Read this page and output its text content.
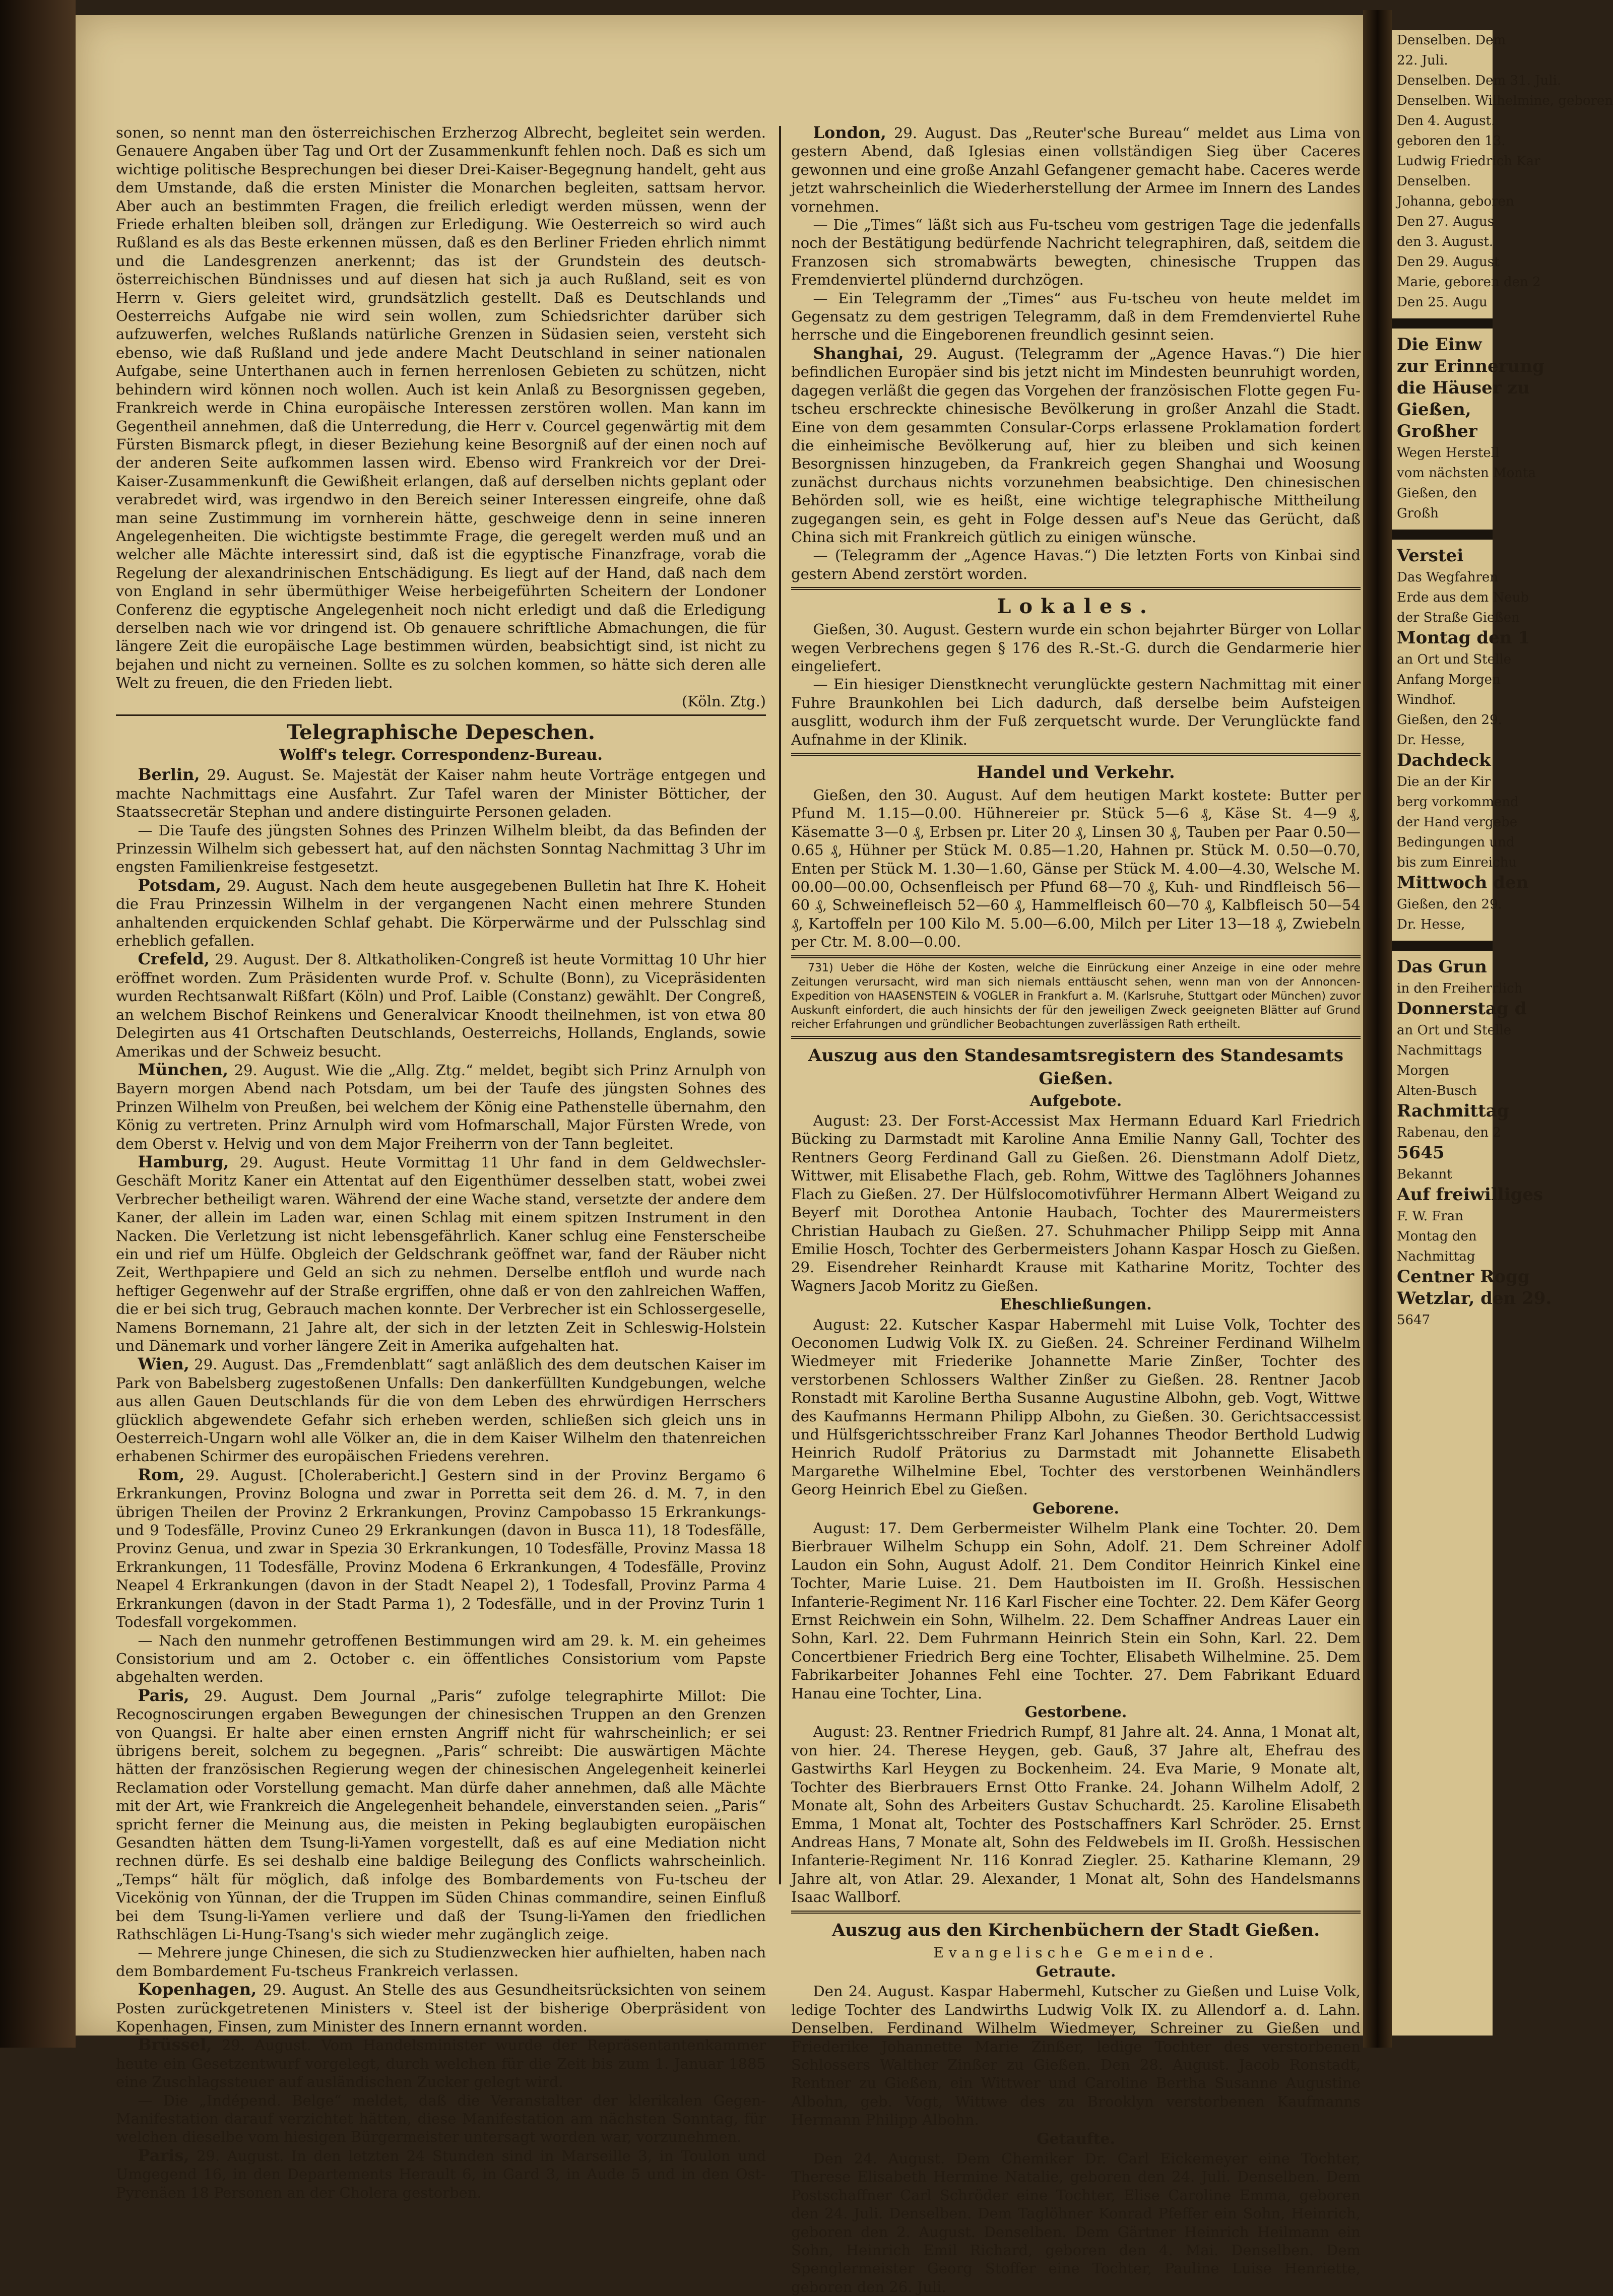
sonen, so nennt man den österreichischen Erzherzog Albrecht, begleitet sein werden. Genauere Angaben über Tag und Ort der Zusammenkunft fehlen noch. Daß es sich um wichtige politische Besprechungen bei dieser Drei-Kaiser-Begegnung handelt, geht aus dem Umstande, daß die ersten Minister die Monarchen begleiten, sattsam hervor. Aber auch an bestimmten Fragen, die freilich erledigt werden müssen, wenn der Friede erhalten bleiben soll, drängen zur Erledigung. Wie Oesterreich so wird auch Rußland es als das Beste erkennen müssen, daß es den Berliner Frieden ehrlich nimmt und die Landesgrenzen anerkennt; das ist der Grundstein des deutsch-österreichischen Bündnisses und auf diesen hat sich ja auch Rußland, seit es von Herrn v. Giers geleitet wird, grundsätzlich gestellt. Daß es Deutschlands und Oesterreichs Aufgabe nie wird sein wollen, zum Schiedsrichter darüber sich aufzuwerfen, welches Rußlands natürliche Grenzen in Südasien seien, versteht sich ebenso, wie daß Rußland und jede andere Macht Deutschland in seiner nationalen Aufgabe, seine Unterthanen auch in fernen herrenlosen Gebieten zu schützen, nicht behindern wird können noch wollen. Auch ist kein Anlaß zu Besorgnissen gegeben, Frankreich werde in China europäische Interessen zerstören wollen. Man kann im Gegentheil annehmen, daß die Unterredung, die Herr v. Courcel gegenwärtig mit dem Fürsten Bismarck pflegt, in dieser Beziehung keine Besorgniß auf der einen noch auf der anderen Seite aufkommen lassen wird. Ebenso wird Frankreich vor der Drei-Kaiser-Zusammenkunft die Gewißheit erlangen, daß auf derselben nichts geplant oder verabredet wird, was irgendwo in den Bereich seiner Interessen eingreife, ohne daß man seine Zustimmung im vornherein hätte, geschweige denn in seine inneren Angelegenheiten. Die wichtigste bestimmte Frage, die geregelt werden muß und an welcher alle Mächte interessirt sind, daß ist die egyptische Finanzfrage, vorab die Regelung der alexandrinischen Entschädigung. Es liegt auf der Hand, daß nach dem von England in sehr übermüthiger Weise herbeigeführten Scheitern der Londoner Conferenz die egyptische Angelegenheit noch nicht erledigt und daß die Erledigung derselben nach wie vor dringend ist. Ob genauere schriftliche Abmachungen, die für längere Zeit die europäische Lage bestimmen würden, beabsichtigt sind, ist nicht zu bejahen und nicht zu verneinen. Sollte es zu solchen kommen, so hätte sich deren alle Welt zu freuen, die den Frieden liebt.

(Köln. Ztg.)

Telegraphische Depeschen.
Wolff's telegr. Correspondenz-Bureau.

Berlin, 29. August. Se. Majestät der Kaiser nahm heute Vorträge entgegen und machte Nachmittags eine Ausfahrt. Zur Tafel waren der Minister Bötticher, der Staatssecretär Stephan und andere distinguirte Personen geladen.

— Die Taufe des jüngsten Sohnes des Prinzen Wilhelm bleibt, da das Befinden der Prinzessin Wilhelm sich gebessert hat, auf den nächsten Sonntag Nachmittag 3 Uhr im engsten Familienkreise festgesetzt.

Potsdam, 29. August. Nach dem heute ausgegebenen Bulletin hat Ihre K. Hoheit die Frau Prinzessin Wilhelm in der vergangenen Nacht einen mehrere Stunden anhaltenden erquickenden Schlaf gehabt. Die Körperwärme und der Pulsschlag sind erheblich gefallen.

Crefeld, 29. August. Der 8. Altkatholiken-Congreß ist heute Vormittag 10 Uhr hier eröffnet worden. Zum Präsidenten wurde Prof. v. Schulte (Bonn), zu Vicepräsidenten wurden Rechtsanwalt Rißfart (Köln) und Prof. Laible (Constanz) gewählt. Der Congreß, an welchem Bischof Reinkens und Generalvicar Knoodt theilnehmen, ist von etwa 80 Delegirten aus 41 Ortschaften Deutschlands, Oesterreichs, Hollands, Englands, sowie Amerikas und der Schweiz besucht.

München, 29. August. Wie die „Allg. Ztg.“ meldet, begibt sich Prinz Arnulph von Bayern morgen Abend nach Potsdam, um bei der Taufe des jüngsten Sohnes des Prinzen Wilhelm von Preußen, bei welchem der König eine Pathenstelle übernahm, den König zu vertreten. Prinz Arnulph wird vom Hofmarschall, Major Fürsten Wrede, von dem Oberst v. Helvig und von dem Major Freiherrn von der Tann begleitet.

Hamburg, 29. August. Heute Vormittag 11 Uhr fand in dem Geldwechsler-Geschäft Moritz Kaner ein Attentat auf den Eigenthümer desselben statt, wobei zwei Verbrecher betheiligt waren. Während der eine Wache stand, versetzte der andere dem Kaner, der allein im Laden war, einen Schlag mit einem spitzen Instrument in den Nacken. Die Verletzung ist nicht lebensgefährlich. Kaner schlug eine Fensterscheibe ein und rief um Hülfe. Obgleich der Geldschrank geöffnet war, fand der Räuber nicht Zeit, Werthpapiere und Geld an sich zu nehmen. Derselbe entfloh und wurde nach heftiger Gegenwehr auf der Straße ergriffen, ohne daß er von den zahlreichen Waffen, die er bei sich trug, Gebrauch machen konnte. Der Verbrecher ist ein Schlossergeselle, Namens Bornemann, 21 Jahre alt, der sich in der letzten Zeit in Schleswig-Holstein und Dänemark und vorher längere Zeit in Amerika aufgehalten hat.

Wien, 29. August. Das „Fremdenblatt“ sagt anläßlich des dem deutschen Kaiser im Park von Babelsberg zugestoßenen Unfalls: Den dankerfüllten Kundgebungen, welche aus allen Gauen Deutschlands für die von dem Leben des ehrwürdigen Herrschers glücklich abgewendete Gefahr sich erheben werden, schließen sich gleich uns in Oesterreich-Ungarn wohl alle Völker an, die in dem Kaiser Wilhelm den thatenreichen erhabenen Schirmer des europäischen Friedens verehren.

Rom, 29. August. [Cholerabericht.] Gestern sind in der Provinz Bergamo 6 Erkrankungen, Provinz Bologna und zwar in Porretta seit dem 26. d. M. 7, in den übrigen Theilen der Provinz 2 Erkrankungen, Provinz Campobasso 15 Erkrankungs- und 9 Todesfälle, Provinz Cuneo 29 Erkrankungen (davon in Busca 11), 18 Todesfälle, Provinz Genua, und zwar in Spezia 30 Erkrankungen, 10 Todesfälle, Provinz Massa 18 Erkrankungen, 11 Todesfälle, Provinz Modena 6 Erkrankungen, 4 Todesfälle, Provinz Neapel 4 Erkrankungen (davon in der Stadt Neapel 2), 1 Todesfall, Provinz Parma 4 Erkrankungen (davon in der Stadt Parma 1), 2 Todesfälle, und in der Provinz Turin 1 Todesfall vorgekommen.

— Nach den nunmehr getroffenen Bestimmungen wird am 29. k. M. ein geheimes Consistorium und am 2. October c. ein öffentliches Consistorium vom Papste abgehalten werden.

Paris, 29. August. Dem Journal „Paris“ zufolge telegraphirte Millot: Die Recognoscirungen ergaben Bewegungen der chinesischen Truppen an den Grenzen von Quangsi. Er halte aber einen ernsten Angriff nicht für wahrscheinlich; er sei übrigens bereit, solchem zu begegnen. „Paris“ schreibt: Die auswärtigen Mächte hätten der französischen Regierung wegen der chinesischen Angelegenheit keinerlei Reclamation oder Vorstellung gemacht. Man dürfe daher annehmen, daß alle Mächte mit der Art, wie Frankreich die Angelegenheit behandele, einverstanden seien. „Paris“ spricht ferner die Meinung aus, die meisten in Peking beglaubigten europäischen Gesandten hätten dem Tsung-li-Yamen vorgestellt, daß es auf eine Mediation nicht rechnen dürfe. Es sei deshalb eine baldige Beilegung des Conflicts wahrscheinlich. „Temps“ hält für möglich, daß infolge des Bombardements von Fu-tscheu der Vicekönig von Yünnan, der die Truppen im Süden Chinas commandire, seinen Einfluß bei dem Tsung-li-Yamen verliere und daß der Tsung-li-Yamen den friedlichen Rathschlägen Li-Hung-Tsang's sich wieder mehr zugänglich zeige.

— Mehrere junge Chinesen, die sich zu Studienzwecken hier aufhielten, haben nach dem Bombardement Fu-tscheus Frankreich verlassen.

Kopenhagen, 29. August. An Stelle des aus Gesundheitsrücksichten von seinem Posten zurückgetretenen Ministers v. Steel ist der bisherige Oberpräsident von Kopenhagen, Finsen, zum Minister des Innern ernannt worden.

Brüssel, 29. August. Vom Handelsminister wurde der Repräsentantenkammer heute ein Gesetzentwurf vorgelegt, durch welchen für die Zeit bis zum 1. Januar 1885 eine Zuschlagssteuer auf ausländischen Zucker gelegt wird.

— Die „Indépend. Belge“ meldet, daß die Veranstalter der klerikalen Gegen-Manifestation darauf verzichtet hätten, diese Manifestation am nächsten Sonntag, für welchen dieselbe vom hiesigen Bürgermeister untersagt worden war, vorzunehmen.

Paris, 29. August. In den letzten 24 Stunden sind in Marseille 3, in Toulon und Umgegend 16, in den Departements Herault 6, in Gard 3, in Aude 5 und in den Ost-Pyrenäen 18 Personen an der Cholera gestorben.

London, 29. August. Das „Reuter'sche Bureau“ meldet aus Lima von gestern Abend, daß Iglesias einen vollständigen Sieg über Caceres gewonnen und eine große Anzahl Gefangener gemacht habe. Caceres werde jetzt wahrscheinlich die Wiederherstellung der Armee im Innern des Landes vornehmen.

— Die „Times“ läßt sich aus Fu-tscheu vom gestrigen Tage die jedenfalls noch der Bestätigung bedürfende Nachricht telegraphiren, daß, seitdem die Franzosen sich stromabwärts bewegten, chinesische Truppen das Fremdenviertel plündernd durchzögen.

— Ein Telegramm der „Times“ aus Fu-tscheu von heute meldet im Gegensatz zu dem gestrigen Telegramm, daß in dem Fremdenviertel Ruhe herrsche und die Eingeborenen freundlich gesinnt seien.

Shanghai, 29. August. (Telegramm der „Agence Havas.“) Die hier befindlichen Europäer sind bis jetzt nicht im Mindesten beunruhigt worden, dagegen verläßt die gegen das Vorgehen der französischen Flotte gegen Fu-tscheu erschreckte chinesische Bevölkerung in großer Anzahl die Stadt. Eine von dem gesammten Consular-Corps erlassene Proklamation fordert die einheimische Bevölkerung auf, hier zu bleiben und sich keinen Besorgnissen hinzugeben, da Frankreich gegen Shanghai und Woosung zunächst durchaus nichts vorzunehmen beabsichtige. Den chinesischen Behörden soll, wie es heißt, eine wichtige telegraphische Mittheilung zugegangen sein, es geht in Folge dessen auf's Neue das Gerücht, daß China sich mit Frankreich gütlich zu einigen wünsche.

— (Telegramm der „Agence Havas.“) Die letzten Forts von Kinbai sind gestern Abend zerstört worden.

Lokales.

Gießen, 30. August. Gestern wurde ein schon bejahrter Bürger von Lollar wegen Verbrechens gegen § 176 des R.-St.-G. durch die Gendarmerie hier eingeliefert.

— Ein hiesiger Dienstknecht verunglückte gestern Nachmittag mit einer Fuhre Braunkohlen bei Lich dadurch, daß derselbe beim Aufsteigen ausglitt, wodurch ihm der Fuß zerquetscht wurde. Der Verunglückte fand Aufnahme in der Klinik.

Handel und Verkehr.

Gießen, den 30. August. Auf dem heutigen Markt kostete: Butter per Pfund M. 1.15—0.00. Hühnereier pr. Stück 5—6 ₰, Käse St. 4—9 ₰, Käsematte 3—0 ₰, Erbsen pr. Liter 20 ₰, Linsen 30 ₰, Tauben per Paar 0.50—0.65 ₰, Hühner per Stück M. 0.85—1.20, Hahnen pr. Stück M. 0.50—0.70, Enten per Stück M. 1.30—1.60, Gänse per Stück M. 4.00—4.30, Welsche M. 00.00—00.00, Ochsenfleisch per Pfund 68—70 ₰, Kuh- und Rindfleisch 56—60 ₰, Schweinefleisch 52—60 ₰, Hammelfleisch 60—70 ₰, Kalbfleisch 50—54 ₰, Kartoffeln per 100 Kilo M. 5.00—6.00, Milch per Liter 13—18 ₰, Zwiebeln per Ctr. M. 8.00—0.00.

731) Ueber die Höhe der Kosten, welche die Einrückung einer Anzeige in eine oder mehre Zeitungen verursacht, wird man sich niemals enttäuscht sehen, wenn man von der Annoncen-Expedition von HAASENSTEIN & VOGLER in Frankfurt a. M. (Karlsruhe, Stuttgart oder München) zuvor Auskunft einfordert, die auch hinsichts der für den jeweiligen Zweck geeigneten Blätter auf Grund reicher Erfahrungen und gründlicher Beobachtungen zuverlässigen Rath ertheilt.

Auszug aus den Standesamtsregistern des Standesamts Gießen.
Aufgebote.

August: 23. Der Forst-Accessist Max Hermann Eduard Karl Friedrich Bücking zu Darmstadt mit Karoline Anna Emilie Nanny Gall, Tochter des Rentners Georg Ferdinand Gall zu Gießen. 26. Dienstmann Adolf Dietz, Wittwer, mit Elisabethe Flach, geb. Rohm, Wittwe des Taglöhners Johannes Flach zu Gießen. 27. Der Hülfslocomotivführer Hermann Albert Weigand zu Beyerf mit Dorothea Antonie Haubach, Tochter des Maurermeisters Christian Haubach zu Gießen. 27. Schuhmacher Philipp Seipp mit Anna Emilie Hosch, Tochter des Gerbermeisters Johann Kaspar Hosch zu Gießen. 29. Eisendreher Reinhardt Krause mit Katharine Moritz, Tochter des Wagners Jacob Moritz zu Gießen.

Eheschließungen.

August: 22. Kutscher Kaspar Habermehl mit Luise Volk, Tochter des Oeconomen Ludwig Volk IX. zu Gießen. 24. Schreiner Ferdinand Wilhelm Wiedmeyer mit Friederike Johannette Marie Zinßer, Tochter des verstorbenen Schlossers Walther Zinßer zu Gießen. 28. Rentner Jacob Ronstadt mit Karoline Bertha Susanne Augustine Albohn, geb. Vogt, Wittwe des Kaufmanns Hermann Philipp Albohn, zu Gießen. 30. Gerichtsaccessist und Hülfsgerichtsschreiber Franz Karl Johannes Theodor Berthold Ludwig Heinrich Rudolf Prätorius zu Darmstadt mit Johannette Elisabeth Margarethe Wilhelmine Ebel, Tochter des verstorbenen Weinhändlers Georg Heinrich Ebel zu Gießen.

Geborene.

August: 17. Dem Gerbermeister Wilhelm Plank eine Tochter. 20. Dem Bierbrauer Wilhelm Schupp ein Sohn, Adolf. 21. Dem Schreiner Adolf Laudon ein Sohn, August Adolf. 21. Dem Conditor Heinrich Kinkel eine Tochter, Marie Luise. 21. Dem Hautboisten im II. Großh. Hessischen Infanterie-Regiment Nr. 116 Karl Fischer eine Tochter. 22. Dem Käfer Georg Ernst Reichwein ein Sohn, Wilhelm. 22. Dem Schaffner Andreas Lauer ein Sohn, Karl. 22. Dem Fuhrmann Heinrich Stein ein Sohn, Karl. 22. Dem Concertbiener Friedrich Berg eine Tochter, Elisabeth Wilhelmine. 25. Dem Fabrikarbeiter Johannes Fehl eine Tochter. 27. Dem Fabrikant Eduard Hanau eine Tochter, Lina.

Gestorbene.

August: 23. Rentner Friedrich Rumpf, 81 Jahre alt. 24. Anna, 1 Monat alt, von hier. 24. Therese Heygen, geb. Gauß, 37 Jahre alt, Ehefrau des Gastwirths Karl Heygen zu Bockenheim. 24. Eva Marie, 9 Monate alt, Tochter des Bierbrauers Ernst Otto Franke. 24. Johann Wilhelm Adolf, 2 Monate alt, Sohn des Arbeiters Gustav Schuchardt. 25. Karoline Elisabeth Emma, 1 Monat alt, Tochter des Postschaffners Karl Schröder. 25. Ernst Andreas Hans, 7 Monate alt, Sohn des Feldwebels im II. Großh. Hessischen Infanterie-Regiment Nr. 116 Konrad Ziegler. 25. Katharine Klemann, 29 Jahre alt, von Atlar. 29. Alexander, 1 Monat alt, Sohn des Handelsmanns Isaac Wallborf.

Auszug aus den Kirchenbüchern der Stadt Gießen.
Evangelische Gemeinde.
Getraute.

Den 24. August. Kaspar Habermehl, Kutscher zu Gießen und Luise Volk, ledige Tochter des Landwirths Ludwig Volk IX. zu Allendorf a. d. Lahn. Denselben. Ferdinand Wilhelm Wiedmeyer, Schreiner zu Gießen und Friederike Johannette Marie Zinßer, ledige Tochter des verstorbenen Schlossers Walther Zinßer zu Gießen. Den 28. August. Jacob Ronstadt, Rentner zu Gießen, ein Wittwer und Caroline Bertha Susanne Augustine Albohn, geb. Vogt, Wittwe des zu Brooklyn verstorbenen Kaufmanns Hermann Philipp Albohn.

Getaufte.

Den 24. August. Dem Chemiker Dr. Carl Eickemeyer eine Tochter, Therese Elisabeth Hermine Natalie, geboren den 24. Juli. Denselben. Dem Postschaffner Carl Schröder eine Tochter, Elise Caroline Emma, geboren den 24. Juli. Denselben. Dem Taglöhner Konrad Pfeffer ein Sohn, Heinrich, geboren den 2. August. Denselben. Dem Gärtner Heinrich Heilmann ein Sohn, Heinrich Emil Richard, geboren den 4. Mai. Denselben. Dem Spenglermeister Georg Stoffer eine Tochter, Pauline Luise Henriette, geboren den 26. Juli.

Denselben. Dem
22. Juli.
Denselben. Dem 31. Juli.
Denselben. Wilhelmine, geboren
Den 4. August.
geboren den 13.
Ludwig Friedrich Kar
Denselben.
Johanna, geboren
Den 27. Augus
den 3. August.
Den 29. August
Marie, geboren den 2
Den 25. Augu
Die Einw
zur Erinnerung
die Häuser zu
Gießen,
Großher
Wegen Herstell
vom nächsten Monta
Gießen, den
Großh
Verstei
Das Wegfahren
Erde aus dem Neub
der Straße Gießen
Montag den 1
an Ort und Stelle
Anfang Morgen
Windhof.
Gießen, den 29.
Dr. Hesse,
Dachdeck
Die an der Kir
berg vorkommend
der Hand vergebe
Bedingungen und
bis zum Einreichu
Mittwoch den
Gießen, den 29.
Dr. Hesse,
Das Grun
in den Freiherrlich
Donnerstag d
an Ort und Stelle
Nachmittags
Morgen
Alten-Busch
Rachmittag
Rabenau, den 2
5645
Bekannt
Auf freiwilliges
F. W. Fran
Montag den
Nachmittag
Centner Rogg
Wetzlar, den 29.
5647
